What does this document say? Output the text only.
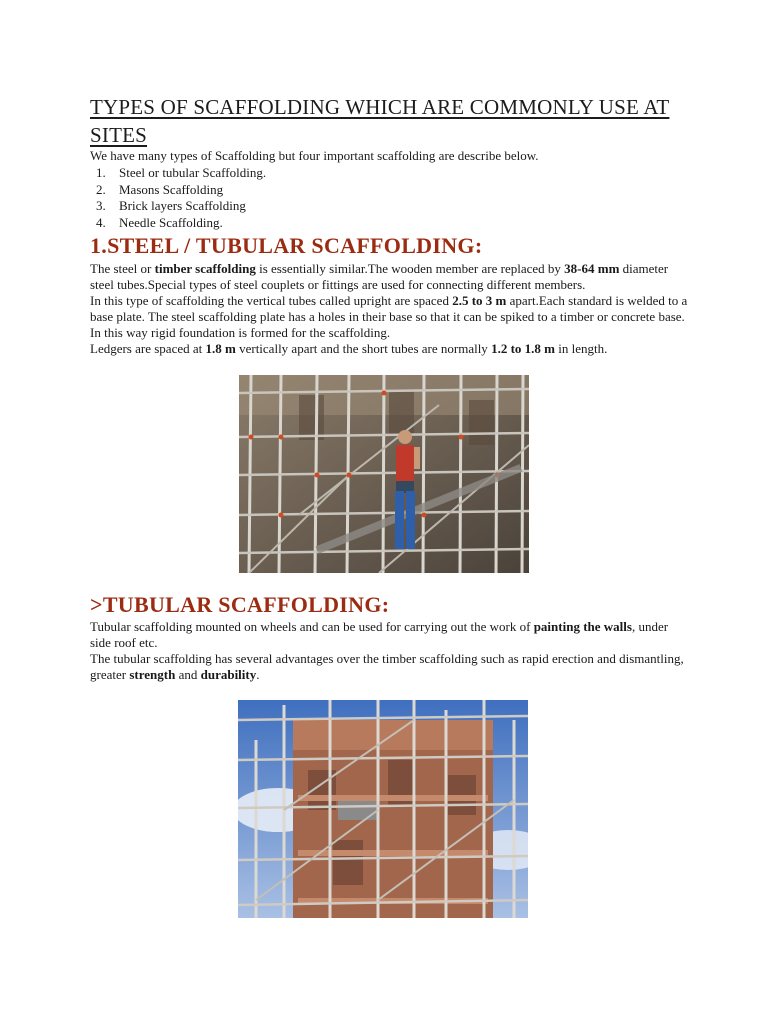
TYPES OF SCAFFOLDING WHICH ARE COMMONLY USE AT SITES

We have many types of Scaffolding but four important scaffolding are describe below.

1.	Steel or tubular Scaffolding.
2.	Masons Scaffolding
3.	Brick layers Scaffolding
4.	Needle Scaffolding.
1.STEEL / TUBULAR SCAFFOLDING:

The steel or timber scaffolding is essentially similar.The wooden member are replaced by 38-64 mm diameter steel tubes.Special types of steel couplets or fittings are used for connecting different members.

In this type of scaffolding the vertical tubes called upright are spaced 2.5 to 3 m apart.Each standard is welded to a base plate. The steel scaffolding plate has a holes in their base so that it can be spiked to a timber or concrete base. In this way rigid foundation is formed for the scaffolding.

Ledgers are spaced at 1.8 m vertically apart and the short tubes are normally 1.2 to 1.8 m in length.

>TUBULAR SCAFFOLDING:

Tubular scaffolding mounted on wheels and can be used for carrying out the work of painting the walls, under side roof etc.

The tubular scaffolding has several advantages over the timber scaffolding such as rapid erection and dismantling, greater strength and durability.
